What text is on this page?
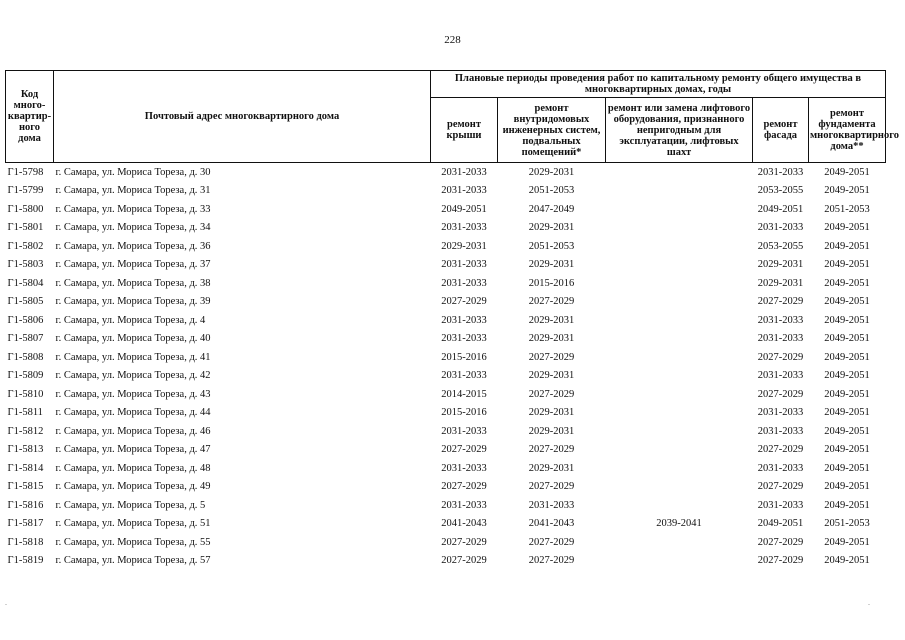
228
Код много-квартир-ного дома	Почтовый адрес многоквартирного дома	Плановые периоды проведения работ по капитальному ремонту общего имущества в многоквартирных домах, годы				
		ремонт крыши	ремонт внутридомовых инженерных систем, подвальных помещений*	ремонт или замена лифтового оборудования, признанного непригодным для эксплуатации, лифтовых шахт	ремонт фасада	ремонт фундамента многоквартирного дома**
Г1-5798	г. Самара, ул. Мориса Тореза, д. 30	2031-2033	2029-2031		2031-2033	2049-2051
Г1-5799	г. Самара, ул. Мориса Тореза, д. 31	2031-2033	2051-2053		2053-2055	2049-2051
Г1-5800	г. Самара, ул. Мориса Тореза, д. 33	2049-2051	2047-2049		2049-2051	2051-2053
Г1-5801	г. Самара, ул. Мориса Тореза, д. 34	2031-2033	2029-2031		2031-2033	2049-2051
Г1-5802	г. Самара, ул. Мориса Тореза, д. 36	2029-2031	2051-2053		2053-2055	2049-2051
Г1-5803	г. Самара, ул. Мориса Тореза, д. 37	2031-2033	2029-2031		2029-2031	2049-2051
Г1-5804	г. Самара, ул. Мориса Тореза, д. 38	2031-2033	2015-2016		2029-2031	2049-2051
Г1-5805	г. Самара, ул. Мориса Тореза, д. 39	2027-2029	2027-2029		2027-2029	2049-2051
Г1-5806	г. Самара, ул. Мориса Тореза, д. 4	2031-2033	2029-2031		2031-2033	2049-2051
Г1-5807	г. Самара, ул. Мориса Тореза, д. 40	2031-2033	2029-2031		2031-2033	2049-2051
Г1-5808	г. Самара, ул. Мориса Тореза, д. 41	2015-2016	2027-2029		2027-2029	2049-2051
Г1-5809	г. Самара, ул. Мориса Тореза, д. 42	2031-2033	2029-2031		2031-2033	2049-2051
Г1-5810	г. Самара, ул. Мориса Тореза, д. 43	2014-2015	2027-2029		2027-2029	2049-2051
Г1-5811	г. Самара, ул. Мориса Тореза, д. 44	2015-2016	2029-2031		2031-2033	2049-2051
Г1-5812	г. Самара, ул. Мориса Тореза, д. 46	2031-2033	2029-2031		2031-2033	2049-2051
Г1-5813	г. Самара, ул. Мориса Тореза, д. 47	2027-2029	2027-2029		2027-2029	2049-2051
Г1-5814	г. Самара, ул. Мориса Тореза, д. 48	2031-2033	2029-2031		2031-2033	2049-2051
Г1-5815	г. Самара, ул. Мориса Тореза, д. 49	2027-2029	2027-2029		2027-2029	2049-2051
Г1-5816	г. Самара, ул. Мориса Тореза, д. 5	2031-2033	2031-2033		2031-2033	2049-2051
Г1-5817	г. Самара, ул. Мориса Тореза, д. 51	2041-2043	2041-2043	2039-2041	2049-2051	2051-2053
Г1-5818	г. Самара, ул. Мориса Тореза, д. 55	2027-2029	2027-2029		2027-2029	2049-2051
Г1-5819	г. Самара, ул. Мориса Тореза, д. 57	2027-2029	2027-2029		2027-2029	2049-2051
.	.
